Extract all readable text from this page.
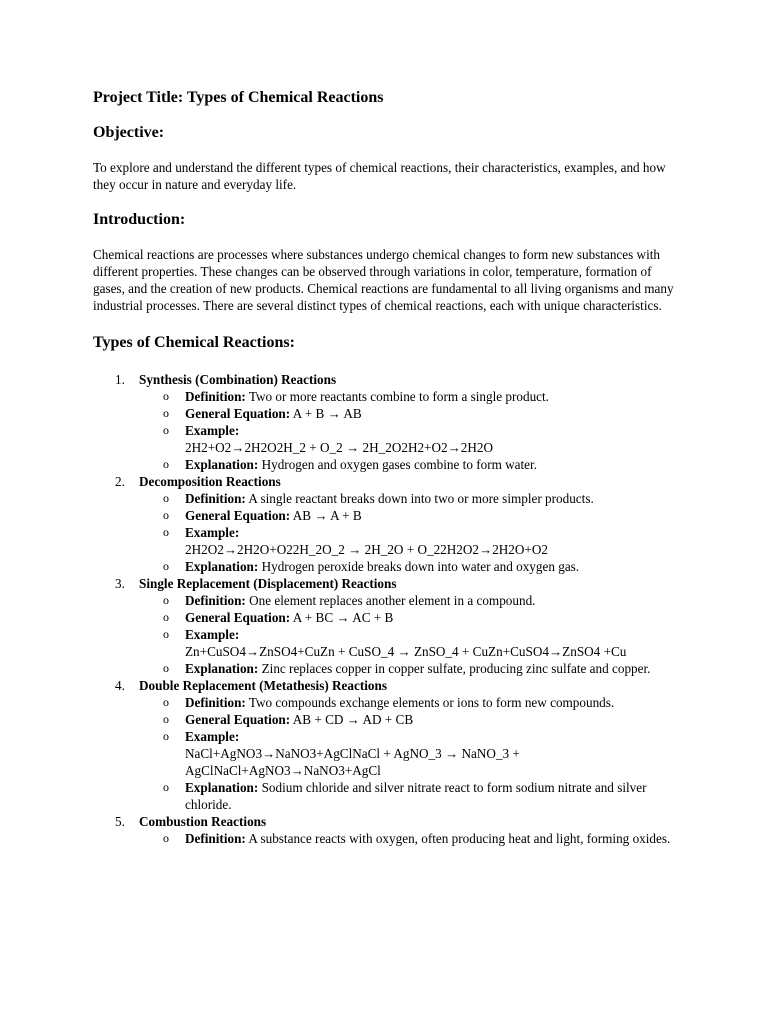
Project Title: Types of Chemical Reactions

Objective:

To explore and understand the different types of chemical reactions, their characteristics, examples, and how they occur in nature and everyday life.

Introduction:

Chemical reactions are processes where substances undergo chemical changes to form new substances with different properties. These changes can be observed through variations in color, temperature, formation of gases, and the creation of new products. Chemical reactions are fundamental to all living organisms and many industrial processes. There are several distinct types of chemical reactions, each with unique characteristics.

Types of Chemical Reactions:

1. Synthesis (Combination) Reactions
o Definition: Two or more reactants combine to form a single product.
o General Equation: A + B → AB
o Example:
2H2+O2→2H2O2H_2 + O_2 → 2H_2O2H2+O2→2H2O
o Explanation: Hydrogen and oxygen gases combine to form water.
2. Decomposition Reactions
o Definition: A single reactant breaks down into two or more simpler products.
o General Equation: AB → A + B
o Example:
2H2O2→2H2O+O22H_2O_2 → 2H_2O + O_22H2O2→2H2O+O2
o Explanation: Hydrogen peroxide breaks down into water and oxygen gas.
3. Single Replacement (Displacement) Reactions
o Definition: One element replaces another element in a compound.
o General Equation: A + BC → AC + B
o Example:
Zn+CuSO4→ZnSO4+CuZn + CuSO_4 → ZnSO_4 + CuZn+CuSO4→ZnSO4 +Cu
o Explanation: Zinc replaces copper in copper sulfate, producing zinc sulfate and copper.
4. Double Replacement (Metathesis) Reactions
o Definition: Two compounds exchange elements or ions to form new compounds.
o General Equation: AB + CD → AD + CB
o Example:
NaCl+AgNO3→NaNO3+AgClNaCl + AgNO_3 → NaNO_3 + AgClNaCl+AgNO3→NaNO3+AgCl
o Explanation: Sodium chloride and silver nitrate react to form sodium nitrate and silver chloride.
5. Combustion Reactions
o Definition: A substance reacts with oxygen, often producing heat and light, forming oxides.
